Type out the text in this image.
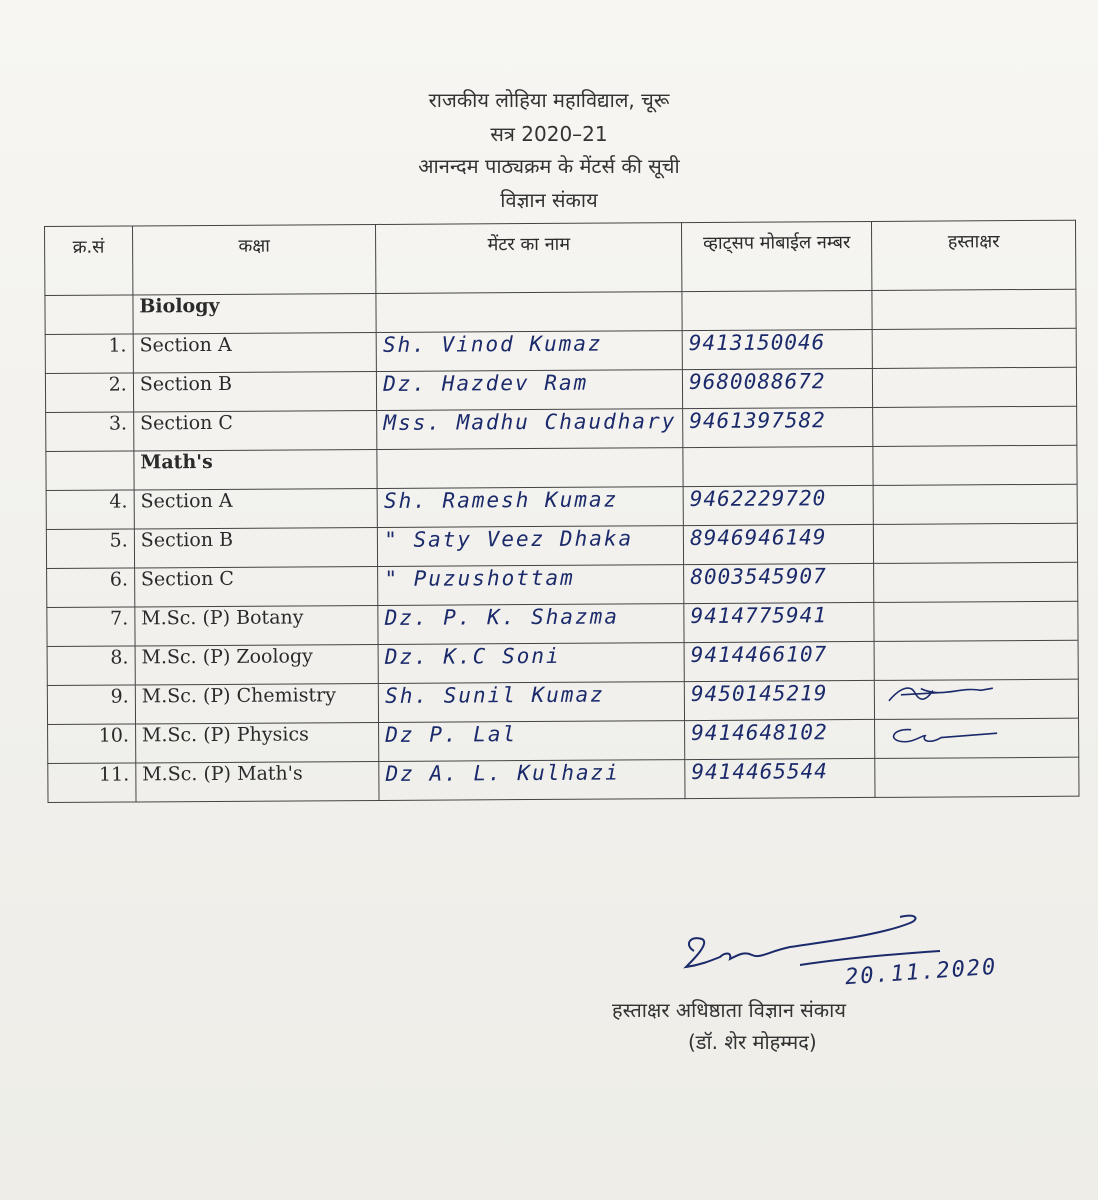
राजकीय लोहिया महाविद्याल, चूरू
सत्र 2020–21
आनन्दम पाठ्यक्रम के मेंटर्स की सूची
विज्ञान संकाय
क्र.सं	कक्षा	मेंटर का नाम	व्हाट्सप मोबाईल नम्बर	हस्ताक्षर
	Biology			
1.	Section A	Sh. Vinod Kumaz	9413150046	
2.	Section B	Dz. Hazdev Ram	9680088672	
3.	Section C	Mss. Madhu Chaudhary	9461397582	
	Math's			
4.	Section A	Sh. Ramesh Kumaz	9462229720	
5.	Section B	" Saty Veez Dhaka	8946946149	
6.	Section C	" Puzushottam	8003545907	
7.	M.Sc. (P) Botany	Dz. P. K. Shazma	9414775941	
8.	M.Sc. (P) Zoology	Dz. K.C Soni	9414466107	
9.	M.Sc. (P) Chemistry	Sh. Sunil Kumaz	9450145219	

10.	M.Sc. (P) Physics	Dz P. Lal	9414648102	

11.	M.Sc. (P) Math's	Dz A. L. Kulhazi	9414465544	
20.11.2020
हस्ताक्षर अधिष्ठाता विज्ञान संकाय
(डॉ. शेर मोहम्मद)
